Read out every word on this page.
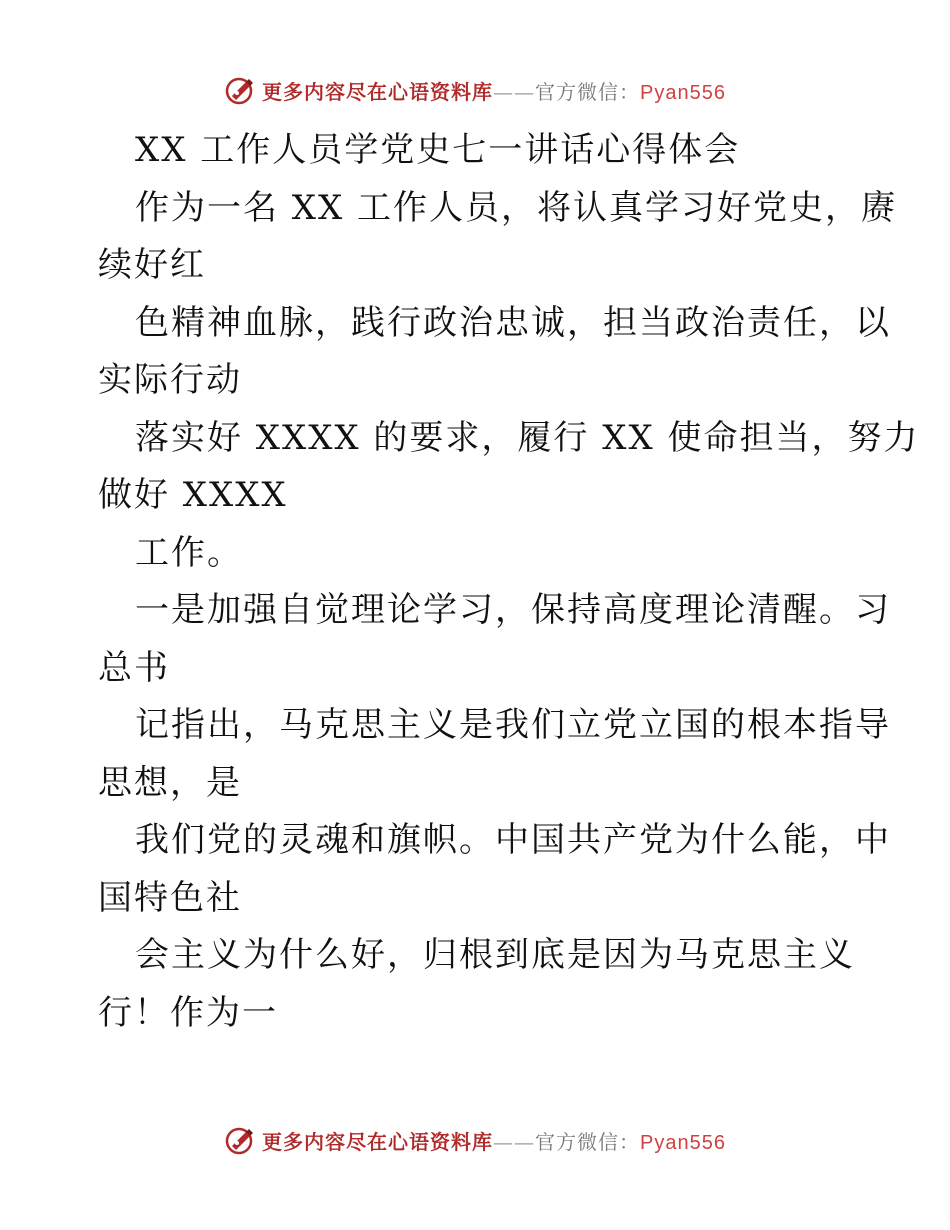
更多内容尽在心语资料库——官方微信：Pyan556
XX 工作人员学党史七一讲话心得体会
作为一名 XX 工作人员，将认真学习好党史，赓
续好红
色精神血脉，践行政治忠诚，担当政治责任，以
实际行动
落实好 XXXX 的要求，履行 XX 使命担当，努力
做好 XXXX
工作。
一是加强自觉理论学习，保持高度理论清醒。习
总书
记指出，马克思主义是我们立党立国的根本指导
思想，是
我们党的灵魂和旗帜。中国共产党为什么能，中
国特色社
会主义为什么好，归根到底是因为马克思主义
行！作为一
更多内容尽在心语资料库——官方微信：Pyan556
